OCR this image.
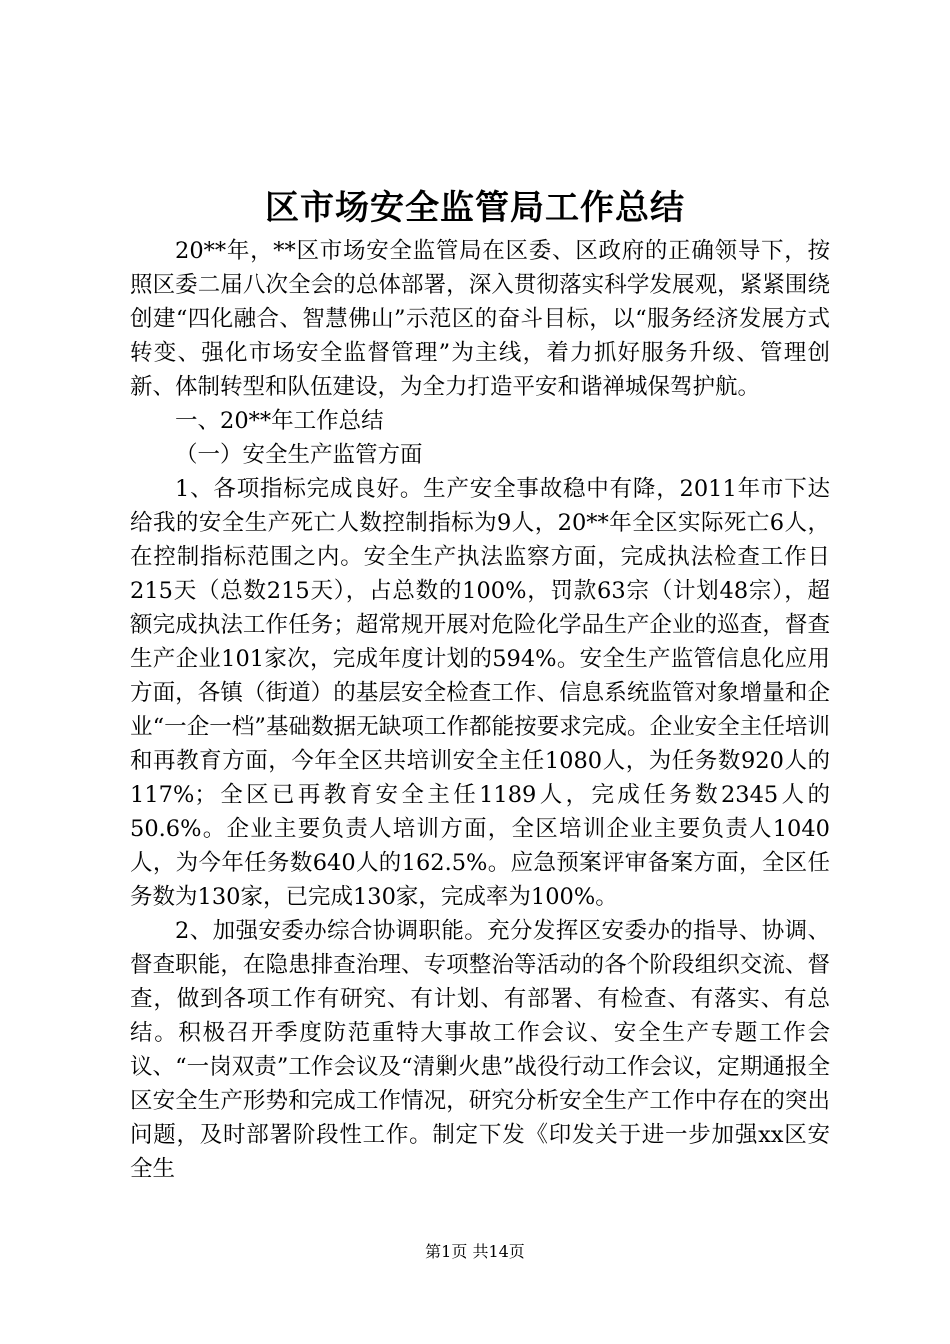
区市场安全监管局工作总结

20**年，**区市场安全监管局在区委、区政府的正确领导下，按照区委二届八次全会的总体部署，深入贯彻落实科学发展观，紧紧围绕创建“四化融合、智慧佛山”示范区的奋斗目标，以“服务经济发展方式转变、强化市场安全监督管理”为主线，着力抓好服务升级、管理创新、体制转型和队伍建设，为全力打造平安和谐禅城保驾护航。

一、20**年工作总结

（一）安全生产监管方面

1、各项指标完成良好。生产安全事故稳中有降，2011年市下达给我的安全生产死亡人数控制指标为9人，20**年全区实际死亡6人，在控制指标范围之内。安全生产执法监察方面，完成执法检查工作日215天（总数215天），占总数的100%，罚款63宗（计划48宗），超额完成执法工作任务；超常规开展对危险化学品生产企业的巡查，督查生产企业101家次，完成年度计划的594%。安全生产监管信息化应用方面，各镇（街道）的基层安全检查工作、信息系统监管对象增量和企业“一企一档”基础数据无缺项工作都能按要求完成。企业安全主任培训和再教育方面，今年全区共培训安全主任1080人，为任务数920人的117%；全区已再教育安全主任1189人，完成任务数2345人的50.6%。企业主要负责人培训方面，全区培训企业主要负责人1040人，为今年任务数640人的162.5%。应急预案评审备案方面，全区任务数为130家，已完成130家，完成率为100%。

2、加强安委办综合协调职能。充分发挥区安委办的指导、协调、督查职能，在隐患排查治理、专项整治等活动的各个阶段组织交流、督查，做到各项工作有研究、有计划、有部署、有检查、有落实、有总结。积极召开季度防范重特大事故工作会议、安全生产专题工作会议、“一岗双责”工作会议及“清剿火患”战役行动工作会议，定期通报全区安全生产形势和完成工作情况，研究分析安全生产工作中存在的突出问题，及时部署阶段性工作。制定下发《印发关于进一步加强xx区安全生

第1页 共14页
